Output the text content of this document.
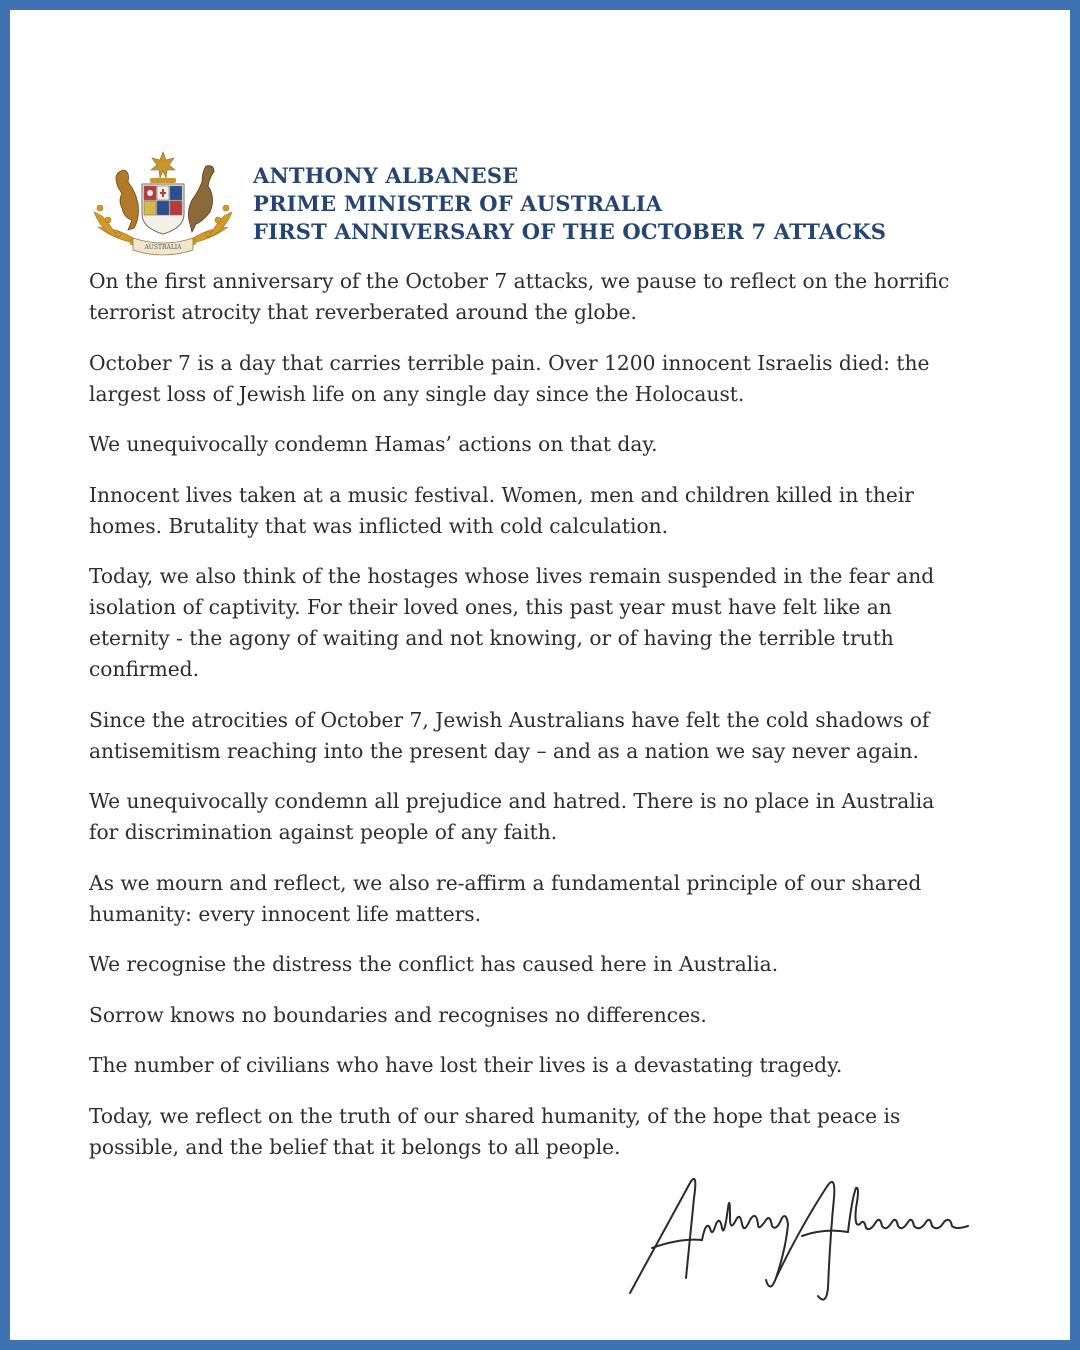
AUSTRALIA
ANTHONY ALBANESE
PRIME MINISTER OF AUSTRALIA
FIRST ANNIVERSARY OF THE OCTOBER 7 ATTACKS

On the first anniversary of the October 7 attacks, we pause to reflect on the horrific terrorist atrocity that reverberated around the globe.

October 7 is a day that carries terrible pain. Over 1200 innocent Israelis died: the largest loss of Jewish life on any single day since the Holocaust.

We unequivocally condemn Hamas’ actions on that day.

Innocent lives taken at a music festival. Women, men and children killed in their homes. Brutality that was inflicted with cold calculation.

Today, we also think of the hostages whose lives remain suspended in the fear and isolation of captivity. For their loved ones, this past year must have felt like an eternity - the agony of waiting and not knowing, or of having the terrible truth confirmed.

Since the atrocities of October 7, Jewish Australians have felt the cold shadows of antisemitism reaching into the present day – and as a nation we say never again.

We unequivocally condemn all prejudice and hatred. There is no place in Australia for discrimination against people of any faith.

As we mourn and reflect, we also re-affirm a fundamental principle of our shared humanity: every innocent life matters.

We recognise the distress the conflict has caused here in Australia.

Sorrow knows no boundaries and recognises no differences.

The number of civilians who have lost their lives is a devastating tragedy.

Today, we reflect on the truth of our shared humanity, of the hope that peace is possible, and the belief that it belongs to all people.
